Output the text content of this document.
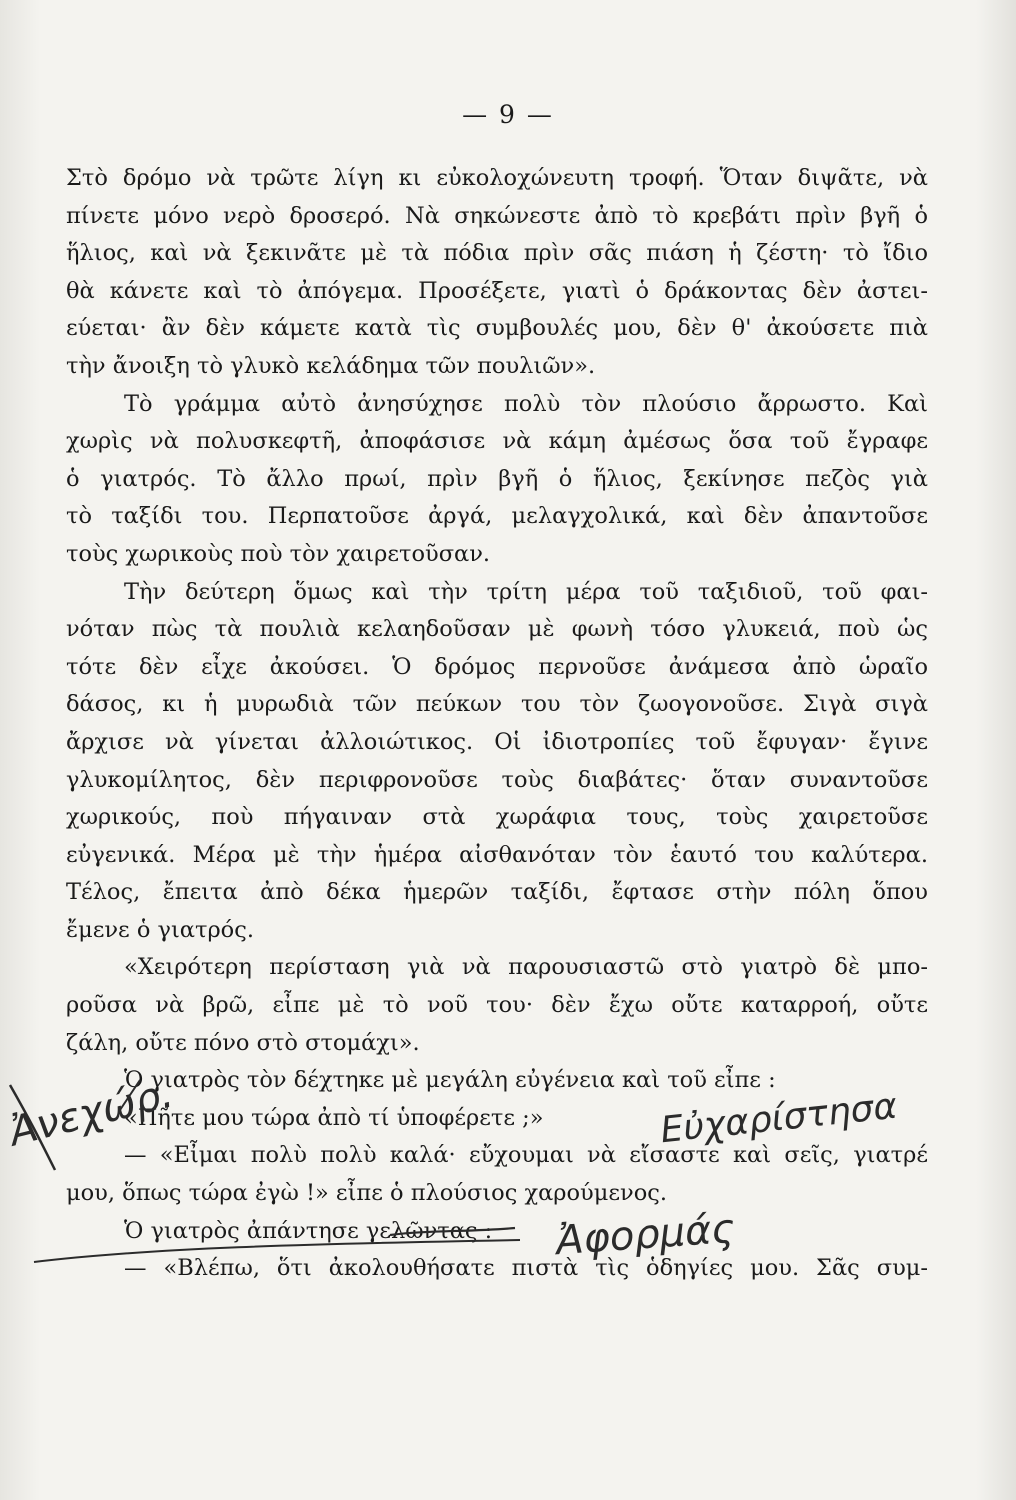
— 9 —
Στὸ δρόμο νὰ τρῶτε λίγη κι εὐκολοχώνευτη τροφή. Ὅταν διψᾶτε, νὰ
πίνετε μόνο νερὸ δροσερό. Νὰ σηκώνεστε ἀπὸ τὸ κρεβάτι πρὶν βγῆ ὁ
ἥλιος, καὶ νὰ ξεκινᾶτε μὲ τὰ πόδια πρὶν σᾶς πιάση ἡ ζέστη· τὸ ἴδιο
θὰ κάνετε καὶ τὸ ἀπόγεμα. Προσέξετε, γιατὶ ὁ δράκοντας δὲν ἀστει-
εύεται· ἂν δὲν κάμετε κατὰ τὶς συμβουλές μου, δὲν θ' ἀκούσετε πιὰ
τὴν ἄνοιξη τὸ γλυκὸ κελάδημα τῶν πουλιῶν».
Τὸ γράμμα αὐτὸ ἀνησύχησε πολὺ τὸν πλούσιο ἄρρωστο. Καὶ
χωρὶς νὰ πολυσκεφτῆ, ἀποφάσισε νὰ κάμη ἀμέσως ὅσα τοῦ ἔγραφε
ὁ γιατρός. Τὸ ἄλλο πρωί, πρὶν βγῆ ὁ ἥλιος, ξεκίνησε πεζὸς γιὰ
τὸ ταξίδι του. Περπατοῦσε ἀργά, μελαγχολικά, καὶ δὲν ἀπαντοῦσε
τοὺς χωρικοὺς ποὺ τὸν χαιρετοῦσαν.
Τὴν δεύτερη ὅμως καὶ τὴν τρίτη μέρα τοῦ ταξιδιοῦ, τοῦ φαι-
νόταν πὼς τὰ πουλιὰ κελαηδοῦσαν μὲ φωνὴ τόσο γλυκειά, ποὺ ὡς
τότε δὲν εἶχε ἀκούσει. Ὁ δρόμος περνοῦσε ἀνάμεσα ἀπὸ ὡραῖο
δάσος, κι ἡ μυρωδιὰ τῶν πεύκων του τὸν ζωογονοῦσε. Σιγὰ σιγὰ
ἄρχισε νὰ γίνεται ἀλλοιώτικος. Οἱ ἰδιοτροπίες τοῦ ἔφυγαν· ἔγινε
γλυκομίλητος, δὲν περιφρονοῦσε τοὺς διαβάτες· ὅταν συναντοῦσε
χωρικούς, ποὺ πήγαιναν στὰ χωράφια τους, τοὺς χαιρετοῦσε
εὐγενικά. Μέρα μὲ τὴν ἡμέρα αἰσθανόταν τὸν ἑαυτό του καλύτερα.
Τέλος, ἔπειτα ἀπὸ δέκα ἡμερῶν ταξίδι, ἔφτασε στὴν πόλη ὅπου
ἔμενε ὁ γιατρός.
«Χειρότερη περίσταση γιὰ νὰ παρουσιαστῶ στὸ γιατρὸ δὲ μπο-
ροῦσα νὰ βρῶ, εἶπε μὲ τὸ νοῦ του· δὲν ἔχω οὔτε καταρροή, οὔτε
ζάλη, οὔτε πόνο στὸ στομάχι».
Ὁ γιατρὸς τὸν δέχτηκε μὲ μεγάλη εὐγένεια καὶ τοῦ εἶπε :
«Πῆτε μου τώρα ἀπὸ τί ὑποφέρετε ;»
— «Εἶμαι πολὺ πολὺ καλά· εὔχουμαι νὰ εἴσαστε καὶ σεῖς, γιατρέ
μου, ὅπως τώρα ἐγὼ !» εἶπε ὁ πλούσιος χαρούμενος.
Ὁ γιατρὸς ἀπάντησε γελῶντας :
— «Βλέπω, ὅτι ἀκολουθήσατε πιστὰ τὶς ὁδηγίες μου. Σᾶς συμ-
Ἀνεχώρ.	Εὐχαρίστησα
Ἀφορμάς
